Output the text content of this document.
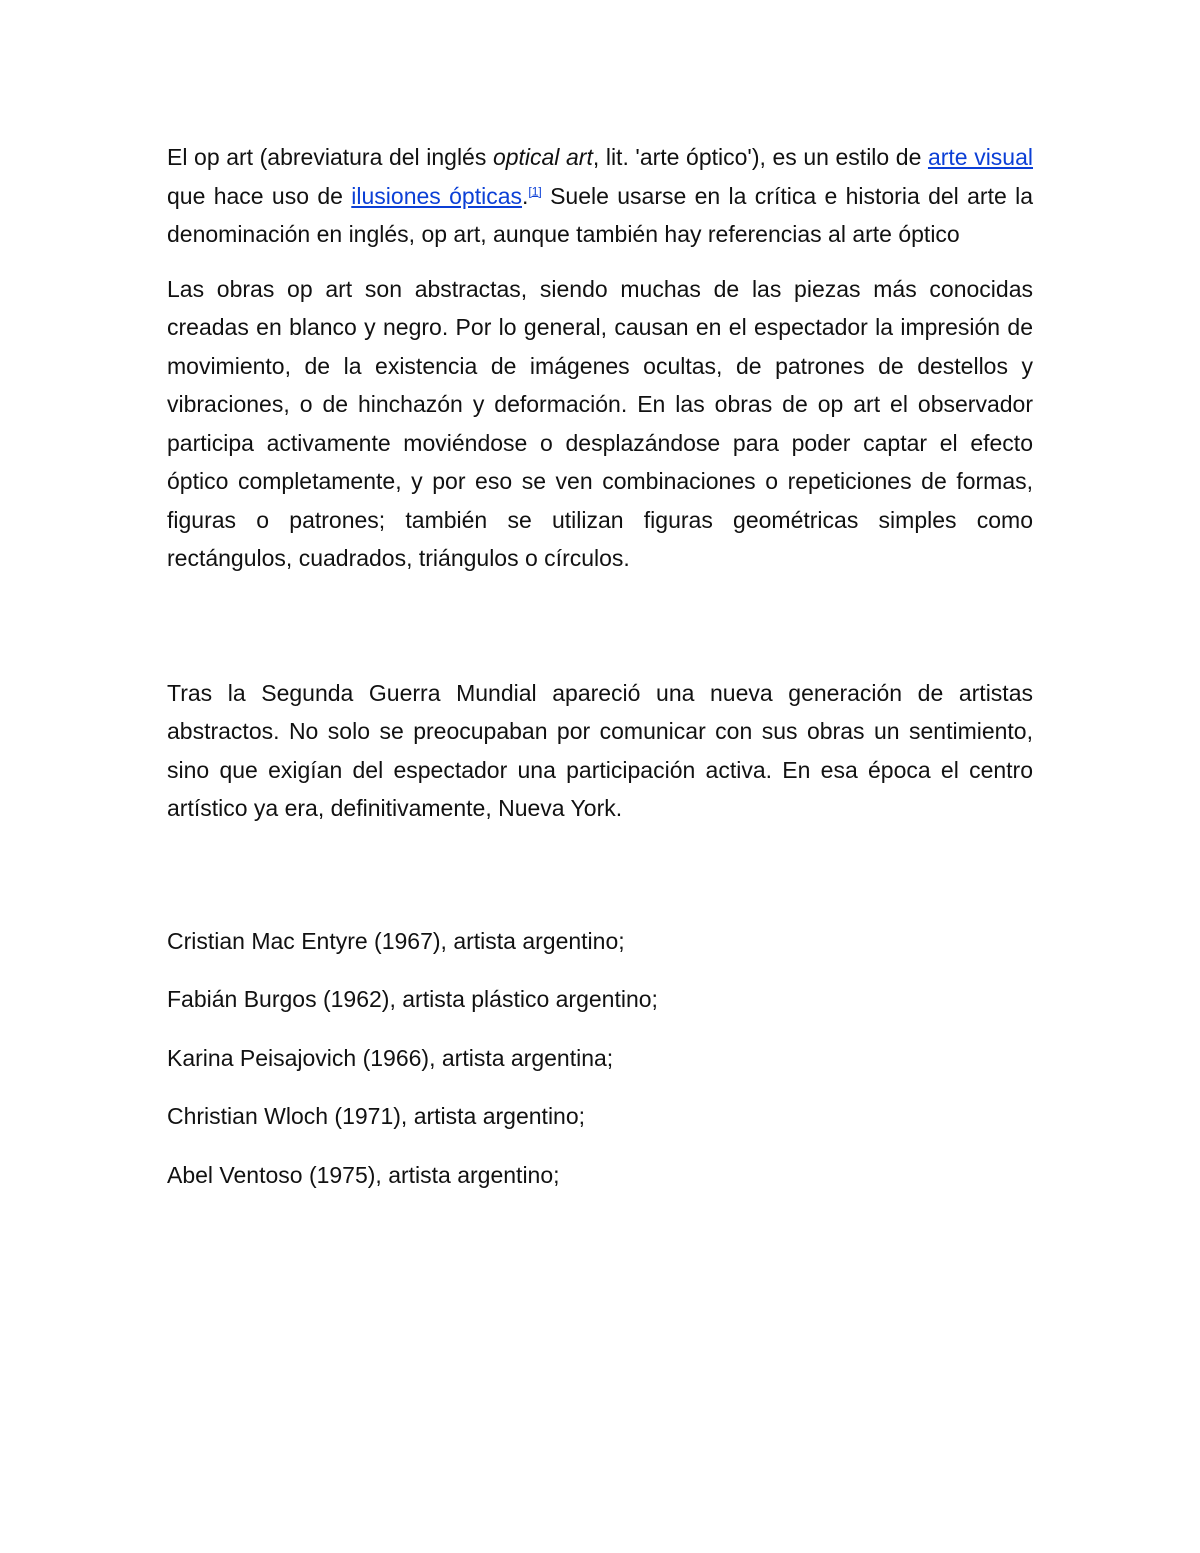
El op art (abreviatura del inglés optical art, lit. 'arte óptico'), es un estilo de arte visual que hace uso de ilusiones ópticas.[1] Suele usarse en la crítica e historia del arte la denominación en inglés, op art, aunque también hay referencias al arte óptico

Las obras op art son abstractas, siendo muchas de las piezas más conocidas creadas en blanco y negro. Por lo general, causan en el espectador la impresión de movimiento, de la existencia de imágenes ocultas, de patrones de destellos y vibraciones, o de hinchazón y deformación. En las obras de op art el observador participa activamente moviéndose o desplazándose para poder captar el efecto óptico completamente, y por eso se ven combinaciones o repeticiones de formas, figuras o patrones; también se utilizan figuras geométricas simples como rectángulos, cuadrados, triángulos o círculos.

Tras la Segunda Guerra Mundial apareció una nueva generación de artistas abstractos. No solo se preocupaban por comunicar con sus obras un sentimiento, sino que exigían del espectador una participación activa. En esa época el centro artístico ya era, definitivamente, Nueva York.

Cristian Mac Entyre (1967), artista argentino;

Fabián Burgos (1962), artista plástico argentino;

Karina Peisajovich (1966), artista argentina;

Christian Wloch (1971), artista argentino;

Abel Ventoso (1975), artista argentino;
